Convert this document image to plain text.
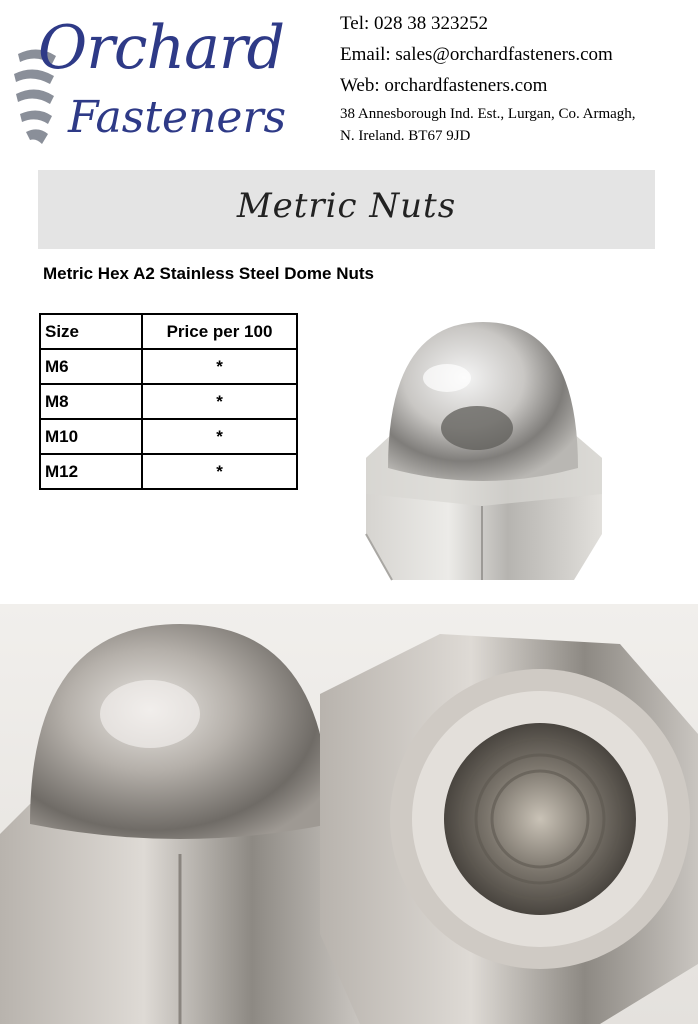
Orchard
Fasteners
Tel: 028 38 323252
Email: sales@orchardfasteners.com
Web: orchardfasteners.com
38 Annesborough Ind. Est., Lurgan, Co. Armagh,
N. Ireland. BT67 9JD
Metric Nuts
Metric Hex A2 Stainless Steel Dome Nuts
Size	Price per 100
M6	*
M8	*
M10	*
M12	*
